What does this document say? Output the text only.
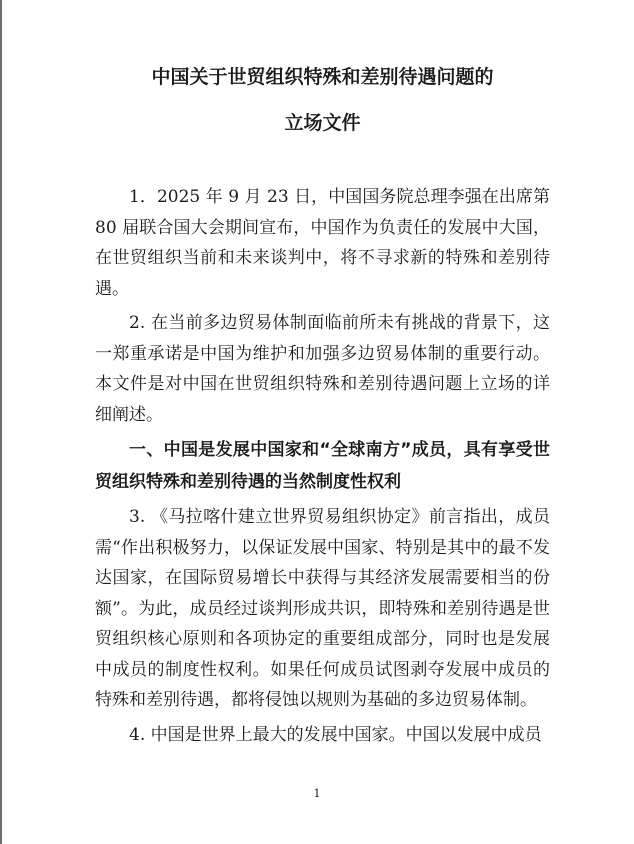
中国关于世贸组织特殊和差别待遇问题的
立场文件

1．2025 年 9 月 23 日，中国国务院总理李强在出席第 80 届联合国大会期间宣布，中国作为负责任的发展中大国，在世贸组织当前和未来谈判中，将不寻求新的特殊和差别待遇。

2. 在当前多边贸易体制面临前所未有挑战的背景下，这一郑重承诺是中国为维护和加强多边贸易体制的重要行动。本文件是对中国在世贸组织特殊和差别待遇问题上立场的详细阐述。

一、中国是发展中国家和“全球南方”成员，具有享受世贸组织特殊和差别待遇的当然制度性权利

3. 《马拉喀什建立世界贸易组织协定》前言指出，成员需“作出积极努力，以保证发展中国家、特别是其中的最不发达国家，在国际贸易增长中获得与其经济发展需要相当的份额”。为此，成员经过谈判形成共识，即特殊和差别待遇是世贸组织核心原则和各项协定的重要组成部分，同时也是发展中成员的制度性权利。如果任何成员试图剥夺发展中成员的特殊和差别待遇，都将侵蚀以规则为基础的多边贸易体制。

4. 中国是世界上最大的发展中国家。中国以发展中成员

1
